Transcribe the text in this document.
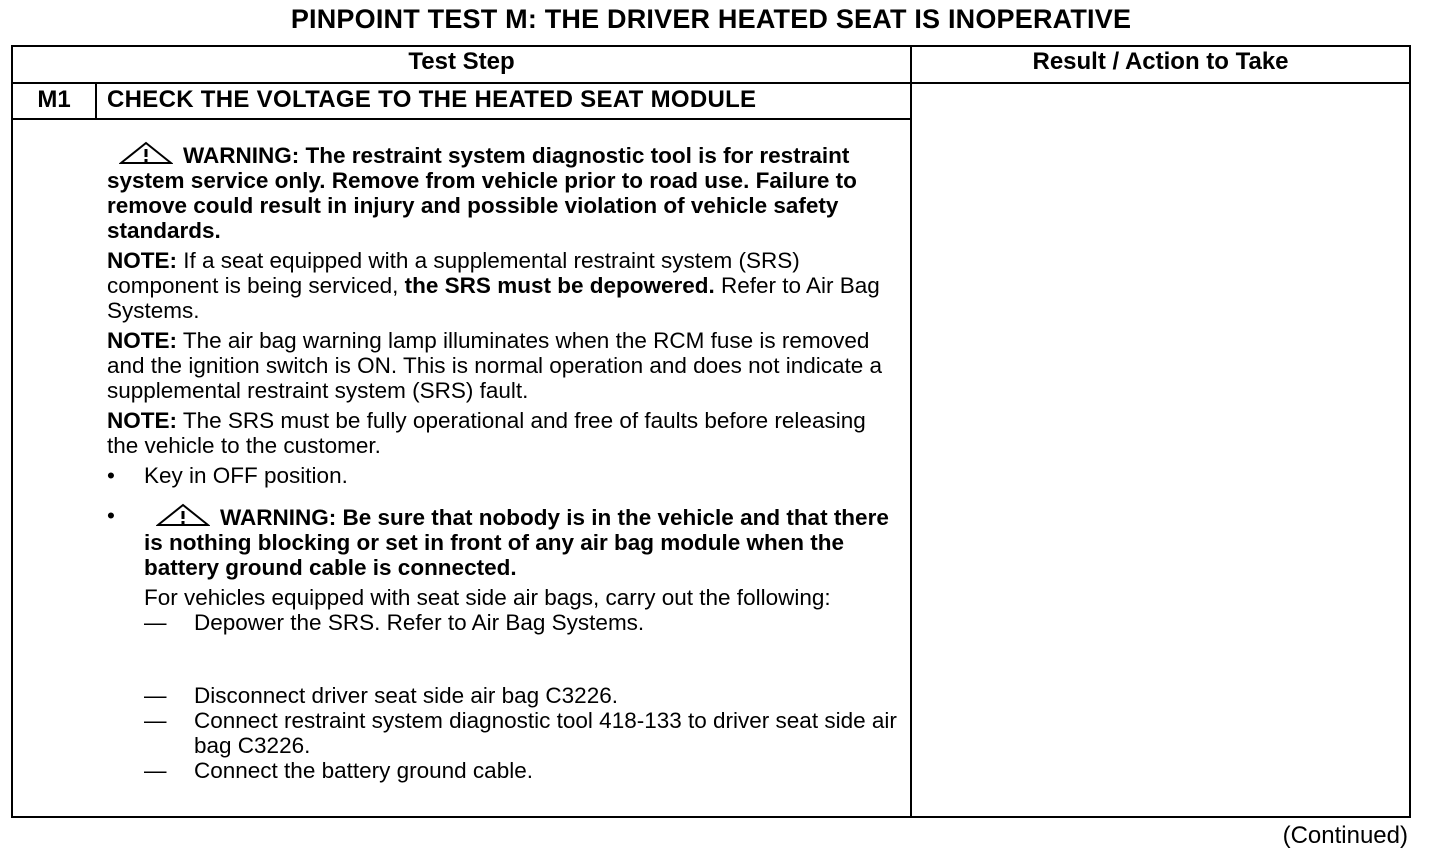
PINPOINT TEST M: THE DRIVER HEATED SEAT IS INOPERATIVE
Test Step	Result / Action to Take
M1	CHECK THE VOLTAGE TO THE HEATED SEAT MODULE

WARNING: The restraint system diagnostic tool is for restraint system service only. Remove from vehicle prior to road use. Failure to remove could result in injury and possible violation of vehicle safety standards.

NOTE: If a seat equipped with a supplemental restraint system (SRS) component is being serviced, the SRS must be depowered. Refer to Air Bag Systems.

NOTE: The air bag warning lamp illuminates when the RCM fuse is removed and the ignition switch is ON. This is normal operation and does not indicate a supplemental restraint system (SRS) fault.

NOTE: The SRS must be fully operational and free of faults before releasing the vehicle to the customer.

•	Key in OFF position.

•	WARNING: Be sure that nobody is in the vehicle and that there is nothing blocking or set in front of any air bag module when the battery ground cable is connected.

For vehicles equipped with seat side air bags, carry out the following:

— Depower the SRS. Refer to Air Bag Systems.

— Disconnect driver seat side air bag C3226.

— Connect restraint system diagnostic tool 418-133 to driver seat side air bag C3226.

— Connect the battery ground cable.

(Continued)
